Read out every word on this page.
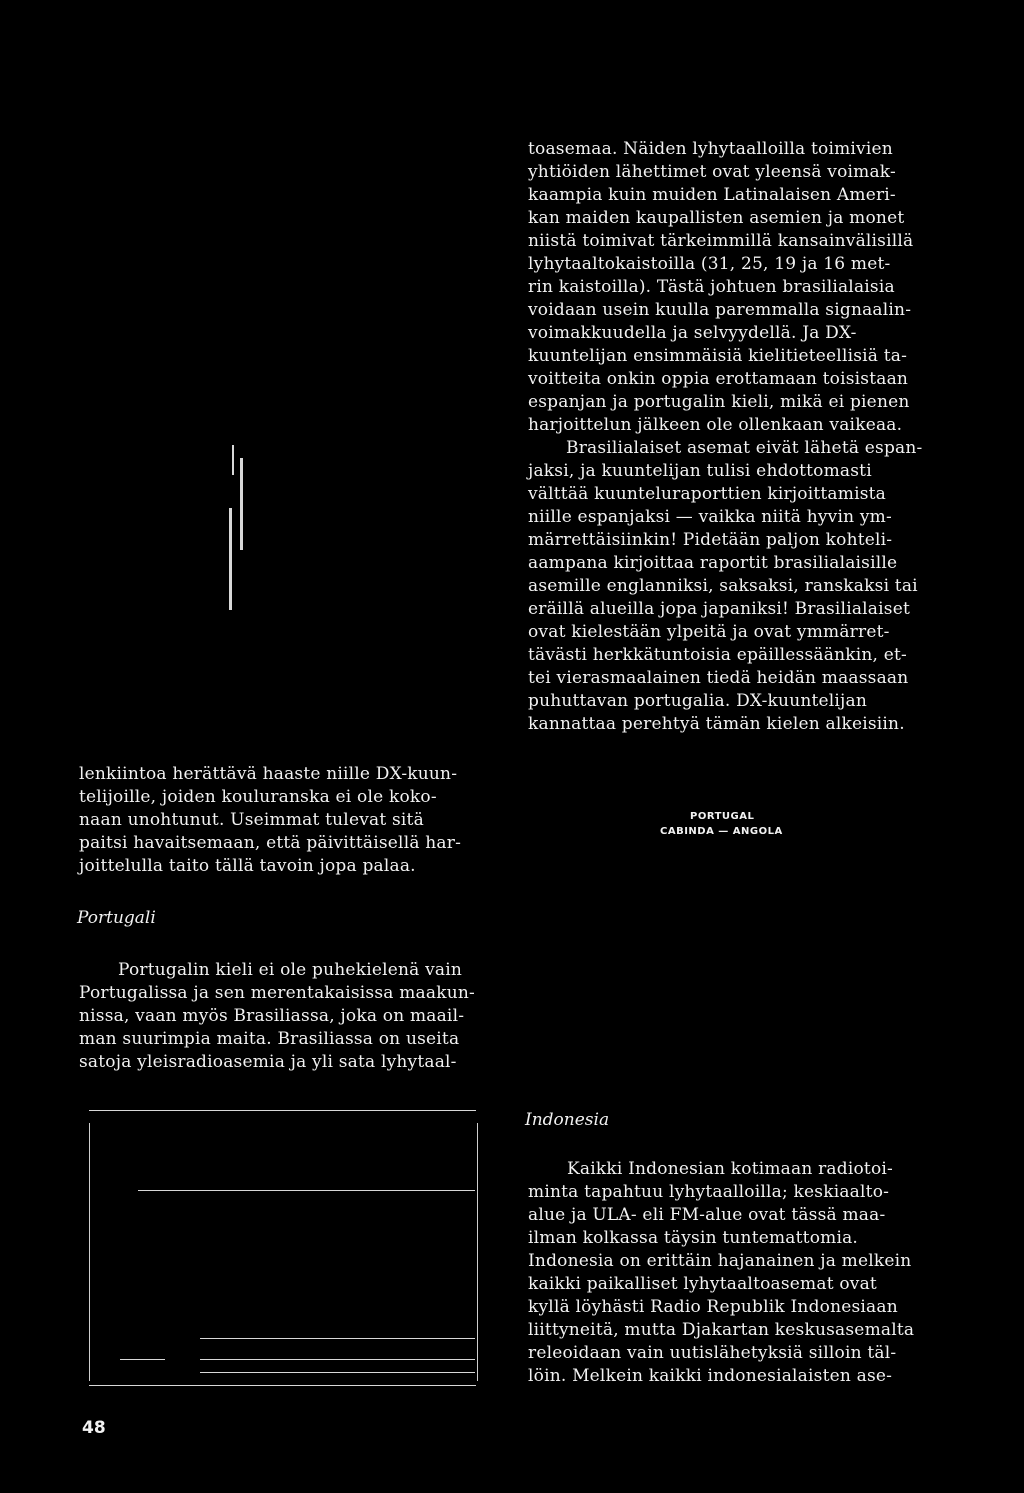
toasemaa. Näiden lyhytaalloilla toimivien
yhtiöiden lähettimet ovat yleensä voimak-
kaampia kuin muiden Latinalaisen Ameri-
kan maiden kaupallisten asemien ja monet
niistä toimivat tärkeimmillä kansainvälisillä
lyhytaaltokaistoilla (31, 25, 19 ja 16 met-
rin kaistoilla). Tästä johtuen brasilialaisia
voidaan usein kuulla paremmalla signaalin-
voimakkuudella ja selvyydellä. Ja DX-
kuuntelijan ensimmäisiä kielitieteellisiä ta-
voitteita onkin oppia erottamaan toisistaan
espanjan ja portugalin kieli, mikä ei pienen
harjoittelun jälkeen ole ollenkaan vaikeaa.
Brasilialaiset asemat eivät lähetä espan-
jaksi, ja kuuntelijan tulisi ehdottomasti
välttää kuunteluraporttien kirjoittamista
niille espanjaksi — vaikka niitä hyvin ym-
märrettäisiinkin! Pidetään paljon kohteli-
aampana kirjoittaa raportit brasilialaisille
asemille englanniksi, saksaksi, ranskaksi tai
eräillä alueilla jopa japaniksi! Brasilialaiset
ovat kielestään ylpeitä ja ovat ymmärret-
tävästi herkkätuntoisia epäillessäänkin, et-
tei vierasmaalainen tiedä heidän maassaan
puhuttavan portugalia. DX-kuuntelijan
kannattaa perehtyä tämän kielen alkeisiin.
PORTUGAL
CABINDA — ANGOLA
lenkiintoa herättävä haaste niille DX-kuun-
telijoille, joiden kouluranska ei ole koko-
naan unohtunut. Useimmat tulevat sitä
paitsi havaitsemaan, että päivittäisellä har-
joittelulla taito tällä tavoin jopa palaa.
Portugali
Portugalin kieli ei ole puhekielenä vain
Portugalissa ja sen merentakaisissa maakun-
nissa, vaan myös Brasiliassa, joka on maail-
man suurimpia maita. Brasiliassa on useita
satoja yleisradioasemia ja yli sata lyhytaal-
Indonesia
Kaikki Indonesian kotimaan radiotoi-
minta tapahtuu lyhytaalloilla; keskiaalto-
alue ja ULA- eli FM-alue ovat tässä maa-
ilman kolkassa täysin tuntemattomia.
Indonesia on erittäin hajanainen ja melkein
kaikki paikalliset lyhytaaltoasemat ovat
kyllä löyhästi Radio Republik Indonesiaan
liittyneitä, mutta Djakartan keskusasemalta
releoidaan vain uutislähetyksiä silloin täl-
löin. Melkein kaikki indonesialaisten ase-
48
